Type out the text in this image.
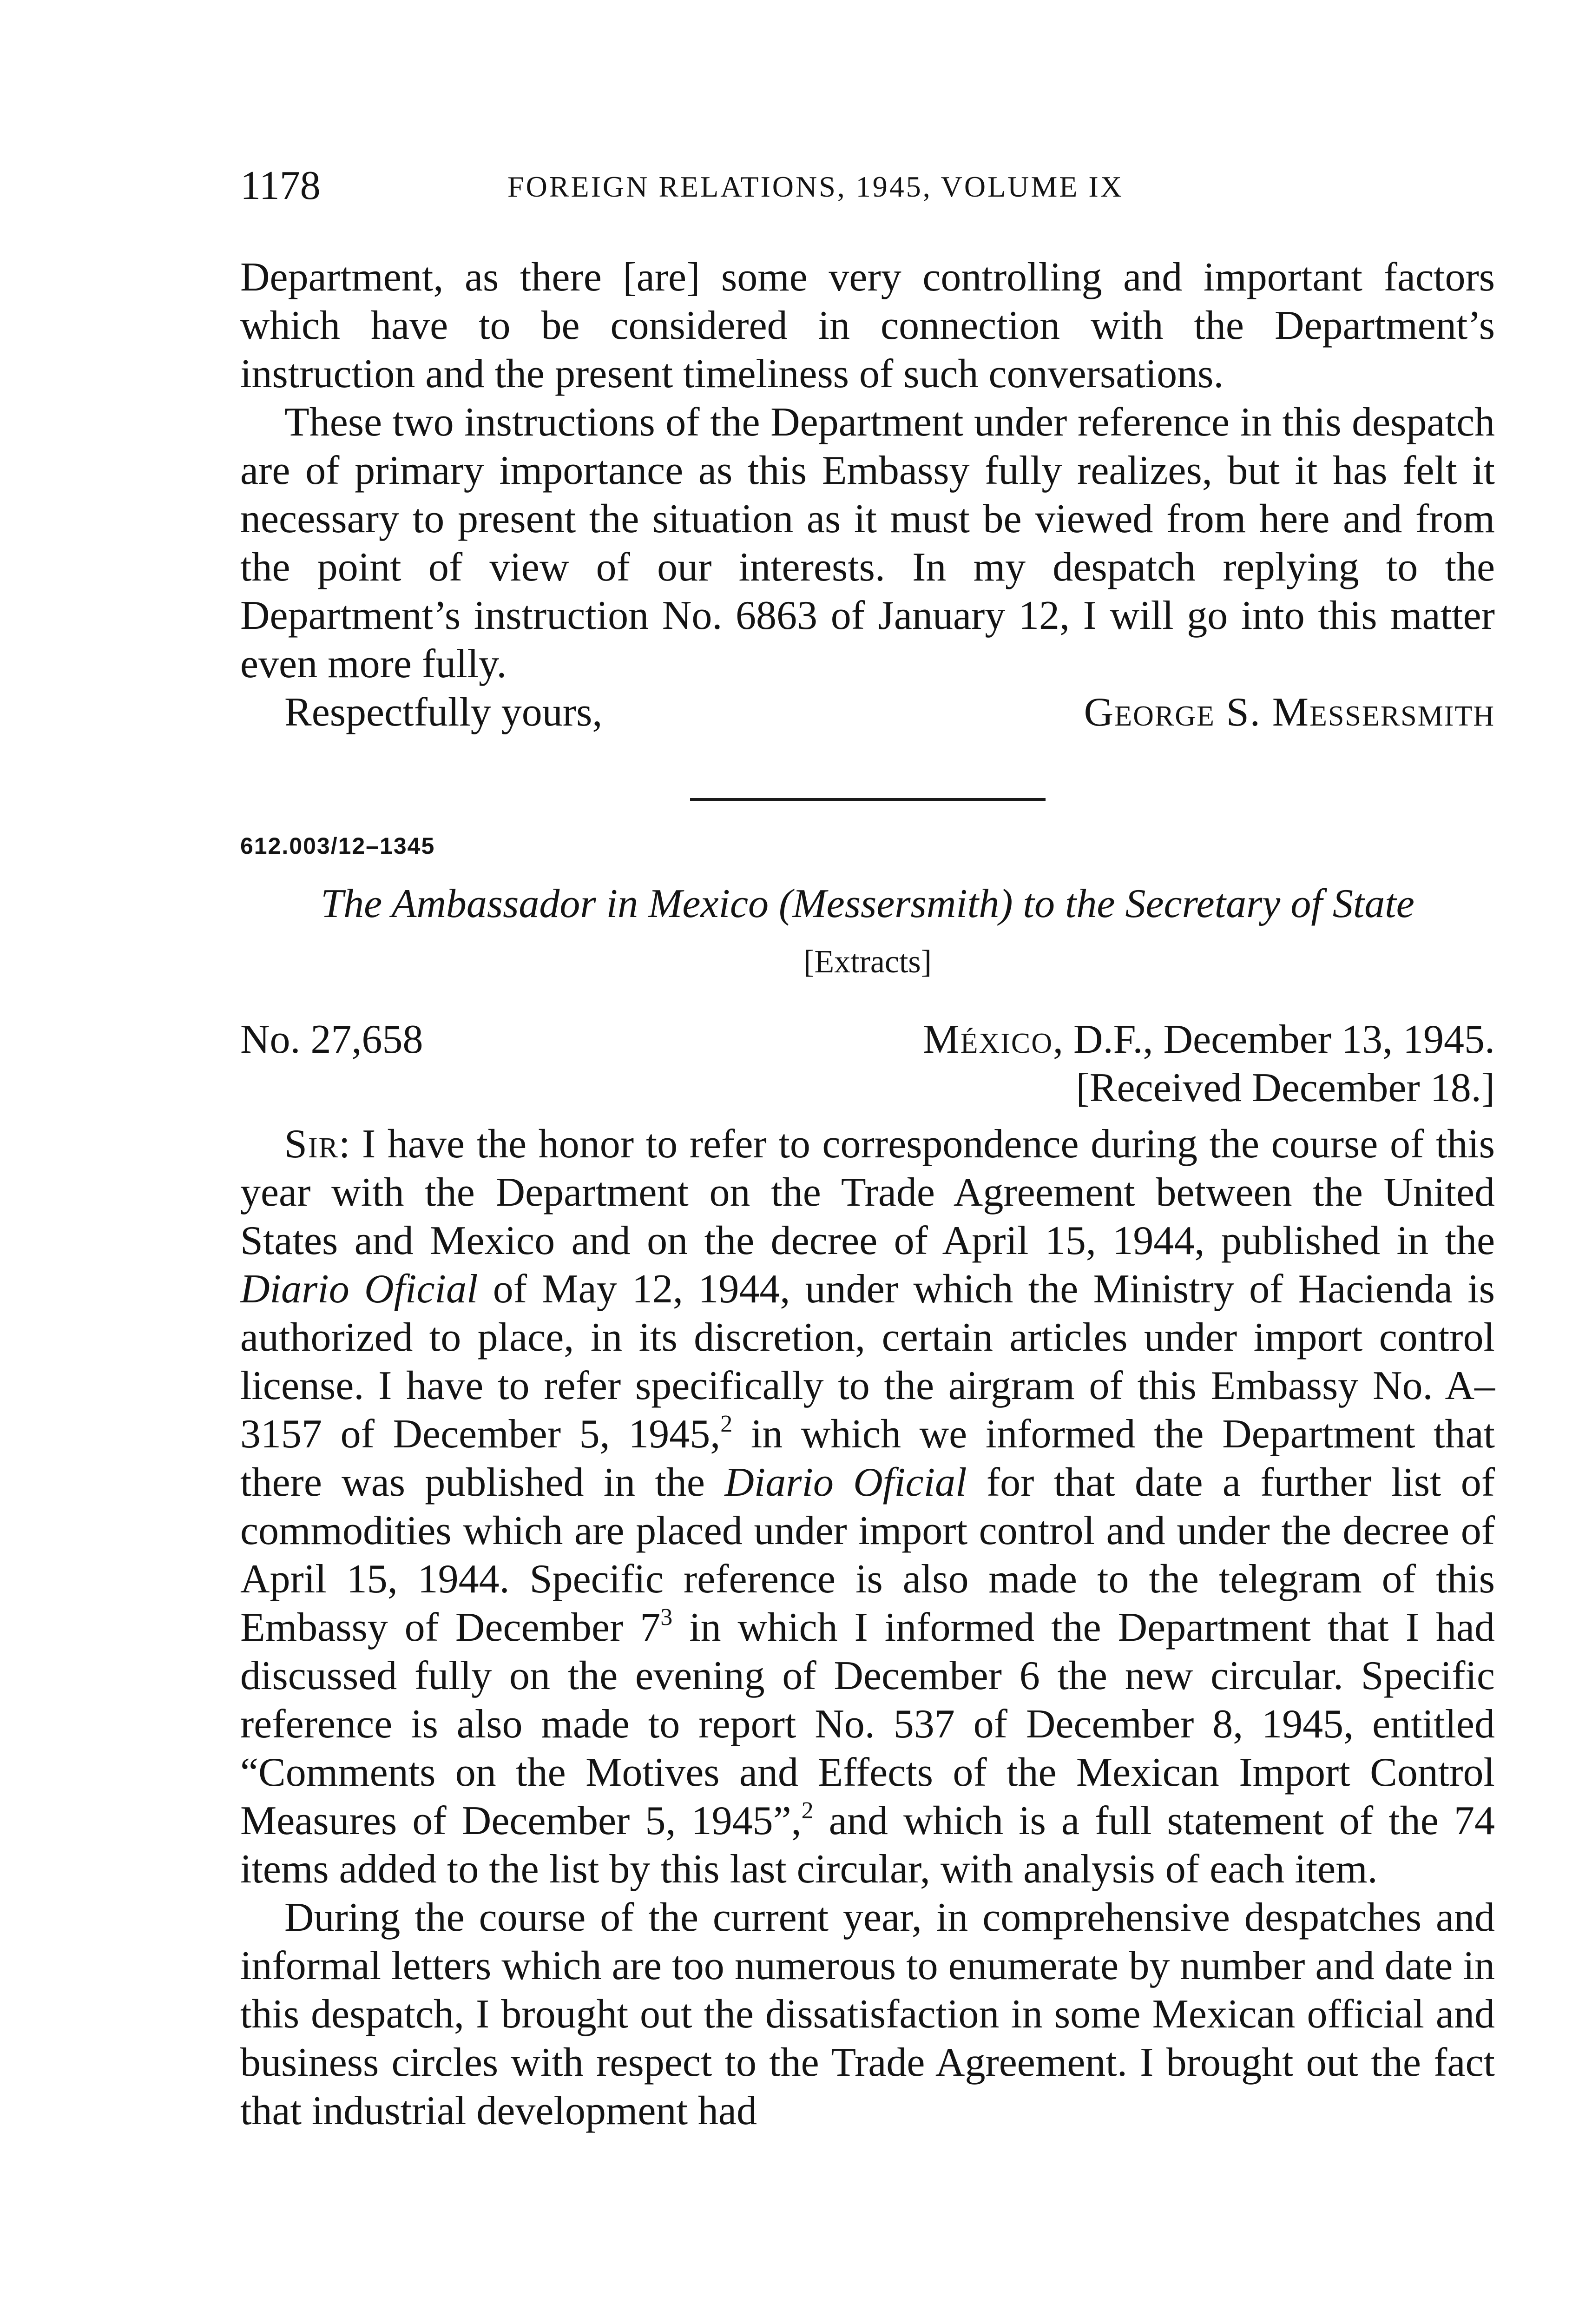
1178	FOREIGN RELATIONS, 1945, VOLUME IX

Department, as there [are] some very controlling and important factors which have to be considered in connection with the Department’s instruction and the present timeliness of such conversations.

These two instructions of the Department under reference in this despatch are of primary importance as this Embassy fully realizes, but it has felt it necessary to present the situation as it must be viewed from here and from the point of view of our interests. In my despatch replying to the Department’s instruction No. 6863 of January 12, I will go into this matter even more fully.

Respectfully yours,	George S. Messersmith
612.003/12–1345
The Ambassador in Mexico (Messersmith) to the Secretary of State
[Extracts]
No. 27,658	México, D.F., December 13, 1945.
[Received December 18.]

Sir: I have the honor to refer to correspondence during the course of this year with the Department on the Trade Agreement between the United States and Mexico and on the decree of April 15, 1944, published in the Diario Oficial of May 12, 1944, under which the Ministry of Hacienda is authorized to place, in its discretion, certain articles under import control license. I have to refer specifically to the airgram of this Embassy No. A–3157 of December 5, 1945,$^2$ in which we informed the Department that there was published in the Diario Oficial for that date a further list of commodities which are placed under import control and under the decree of April 15, 1944. Specific reference is also made to the telegram of this Embassy of December 7$^3$ in which I informed the Department that I had discussed fully on the evening of December 6 the new circular. Specific reference is also made to report No. 537 of December 8, 1945, entitled “Comments on the Motives and Effects of the Mexican Import Control Measures of December 5, 1945”,$^2$ and which is a full statement of the 74 items added to the list by this last circular, with analysis of each item.

During the course of the current year, in comprehensive despatches and informal letters which are too numerous to enumerate by number and date in this despatch, I brought out the dissatisfaction in some Mexican official and business circles with respect to the Trade Agreement. I brought out the fact that industrial development had
